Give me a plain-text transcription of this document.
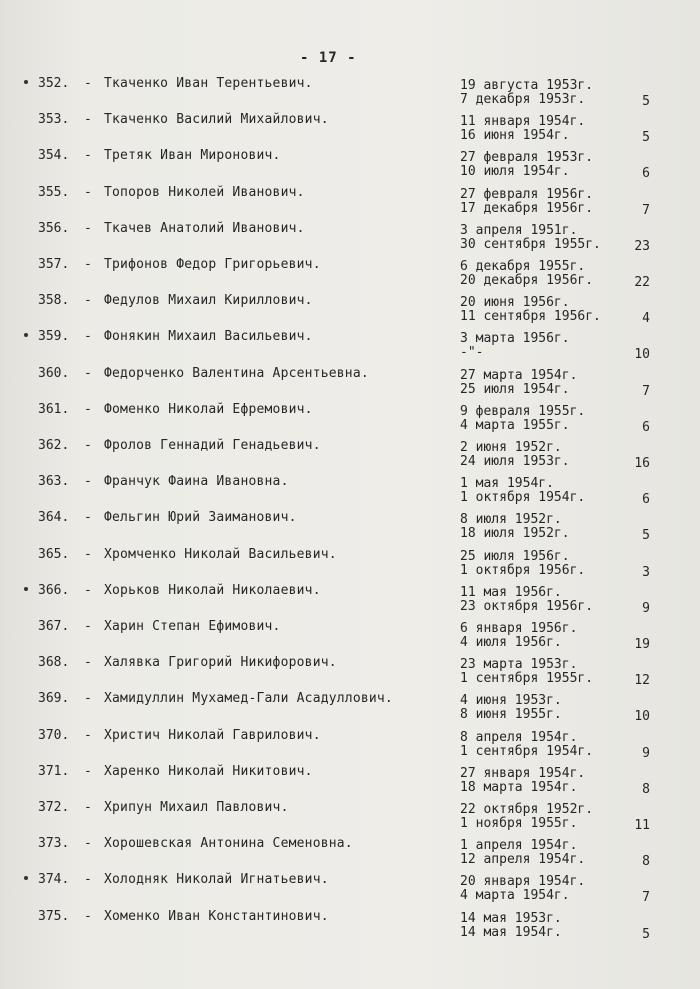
- 17 -
352. - Ткаченко Иван Терентьевич.	19 августа 1953г.
7 декабря 1953г.	5
353. - Ткаченко Василий Михайлович.	11 января 1954г.
16 июня 1954г.	5
354. - Третяк Иван Миронович.	27 февраля 1953г.
10 июля 1954г.	6
355. - Топоров Николей Иванович.	27 февраля 1956г.
17 декабря 1956г.	7
356. - Ткачев Анатолий Иванович.	3 апреля 1951г.
30 сентября 1955г.	23
357. - Трифонов Федор Григорьевич.	6 декабря 1955г.
20 декабря 1956г.	22
358. - Федулов Михаил Кириллович.	20 июня 1956г.
11 сентября 1956г.	4
359. - Фонякин Михаил Васильевич.	3 марта 1956г.
-"-	10
360. - Федорченко Валентина Арсентьевна.	27 марта 1954г.
25 июля 1954г.	7
361. - Фоменко Николай Ефремович.	9 февраля 1955г.
4 марта 1955г.	6
362. - Фролов Геннадий Генадьевич.	2 июня 1952г.
24 июля 1953г.	16
363. - Франчук Фаина Ивановна.	1 мая 1954г.
1 октября 1954г.	6
364. - Фельгин Юрий Заиманович.	8 июля 1952г.
18 июля 1952г.	5
365. - Хромченко Николай Васильевич.	25 июля 1956г.
1 октября 1956г.	3
366. - Хорьков Николай Николаевич.	11 мая 1956г.
23 октября 1956г.	9
367. - Харин Степан Ефимович.	6 января 1956г.
4 июля 1956г.	19
368. - Халявка Григорий Никифорович.	23 марта 1953г.
1 сентября 1955г.	12
369. - Хамидуллин Мухамед-Гали Асадуллович.	4 июня 1953г.
8 июня 1955г.	10
370. - Христич Николай Гаврилович.	8 апреля 1954г.
1 сентября 1954г.	9
371. - Харенко Николай Никитович.	27 января 1954г.
18 марта 1954г.	8
372. - Хрипун Михаил Павлович.	22 октября 1952г.
1 ноября 1955г.	11
373. - Хорошевская Антонина Семеновна.	1 апреля 1954г.
12 апреля 1954г.	8
374. - Холодняк Николай Игнатьевич.	20 января 1954г.
4 марта 1954г.	7
375. - Хоменко Иван Константинович.	14 мая 1953г.
14 мая 1954г.	5
